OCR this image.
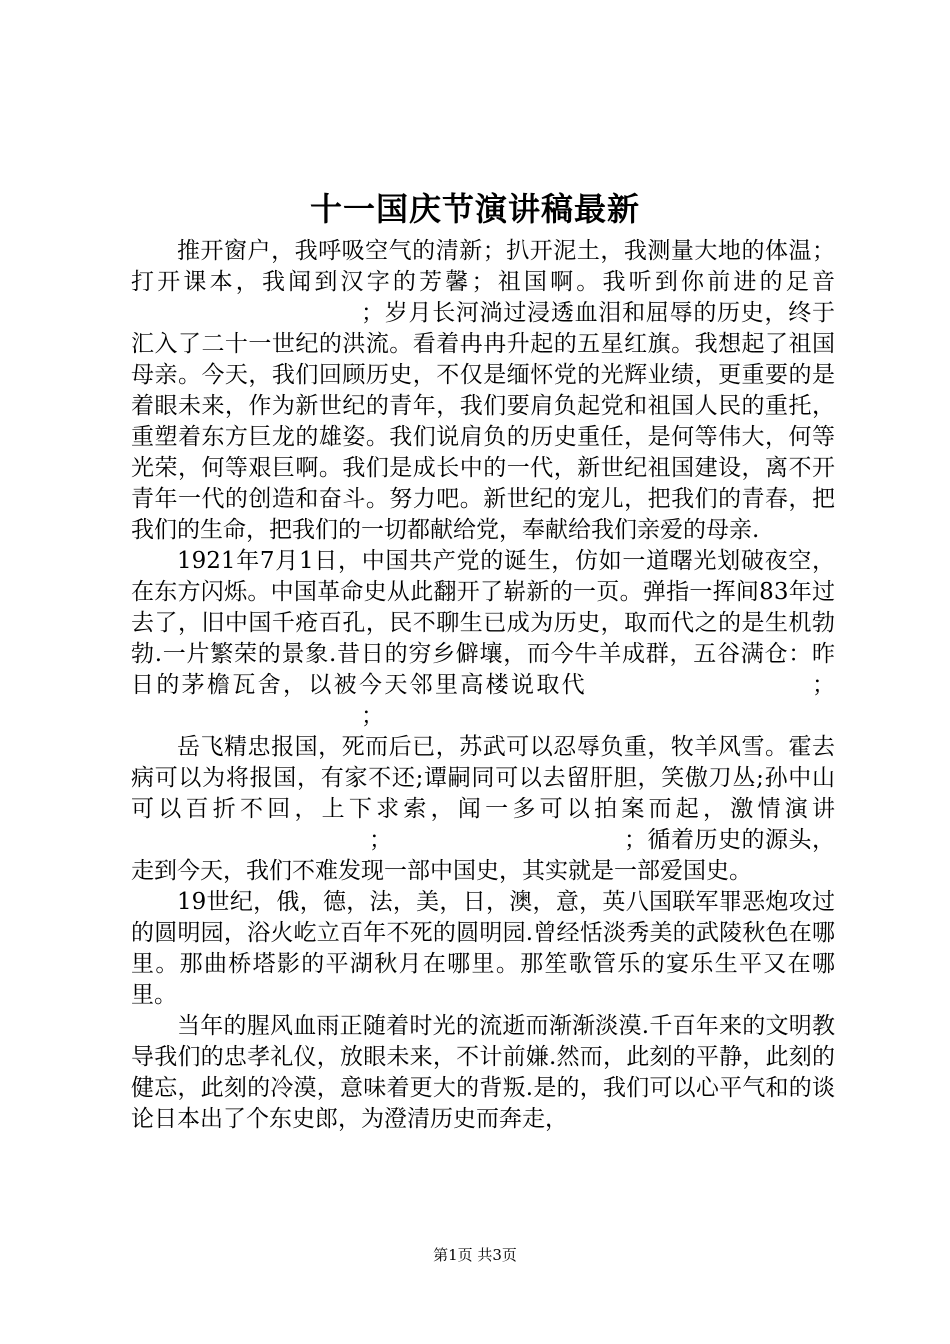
十一国庆节演讲稿最新

推开窗户，我呼吸空气的清新；扒开泥土，我测量大地的体温；打开课本，我闻到汉字的芳馨；祖国啊。我听到你前进的足音；岁月长河淌过浸透血泪和屈辱的历史，终于汇入了二十一世纪的洪流。看着冉冉升起的五星红旗。我想起了祖国母亲。今天，我们回顾历史，不仅是缅怀党的光辉业绩，更重要的是着眼未来，作为新世纪的青年，我们要肩负起党和祖国人民的重托，重塑着东方巨龙的雄姿。我们说肩负的历史重任，是何等伟大，何等光荣，何等艰巨啊。我们是成长中的一代，新世纪祖国建设，离不开青年一代的创造和奋斗。努力吧。新世纪的宠儿，把我们的青春，把我们的生命，把我们的一切都献给党，奉献给我们亲爱的母亲.

1921年7月1日，中国共产党的诞生，仿如一道曙光划破夜空，在东方闪烁。中国革命史从此翻开了崭新的一页。弹指一挥间83年过去了，旧中国千疮百孔，民不聊生已成为历史，取而代之的是生机勃勃.一片繁荣的景象.昔日的穷乡僻壤，而今牛羊成群，五谷满仓：昨日的茅檐瓦舍，以被今天邻里高楼说取代	；；

岳飞精忠报国，死而后已，苏武可以忍辱负重，牧羊风雪。霍去病可以为将报国，有家不还;谭嗣同可以去留肝胆，笑傲刀丛;孙中山可以百折不回，上下求索，闻一多可以拍案而起，激情演讲；	；循着历史的源头，走到今天，我们不难发现一部中国史，其实就是一部爱国史。

19世纪，俄，德，法，美，日，澳，意，英八国联军罪恶炮攻过的圆明园，浴火屹立百年不死的圆明园.曾经恬淡秀美的武陵秋色在哪里。那曲桥塔影的平湖秋月在哪里。那笙歌管乐的宴乐生平又在哪里。

当年的腥风血雨正随着时光的流逝而渐渐淡漠.千百年来的文明教导我们的忠孝礼仪，放眼未来，不计前嫌.然而，此刻的平静，此刻的健忘，此刻的冷漠，意味着更大的背叛.是的，我们可以心平气和的谈论日本出了个东史郎，为澄清历史而奔走，

第1页 共3页
